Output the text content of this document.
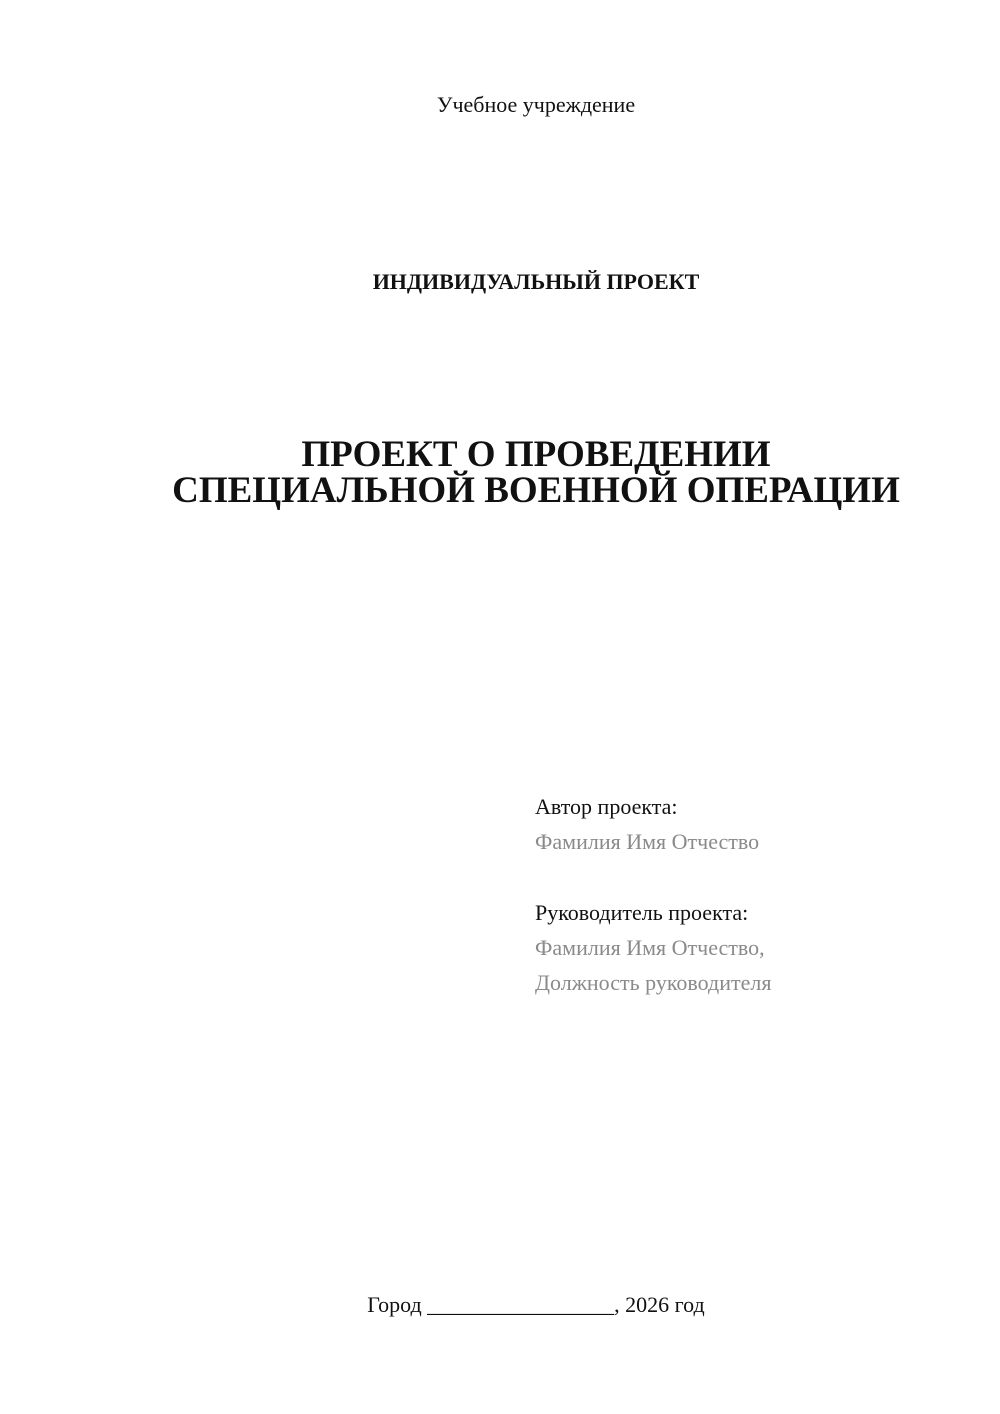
Учебное учреждение
ИНДИВИДУАЛЬНЫЙ ПРОЕКТ
ПРОЕКТ О ПРОВЕДЕНИИ
СПЕЦИАЛЬНОЙ ВОЕННОЙ ОПЕРАЦИИ
Автор проекта:
Фамилия Имя Отчество
Руководитель проекта:
Фамилия Имя Отчество,
Должность руководителя
Город _________________, 2026 год
